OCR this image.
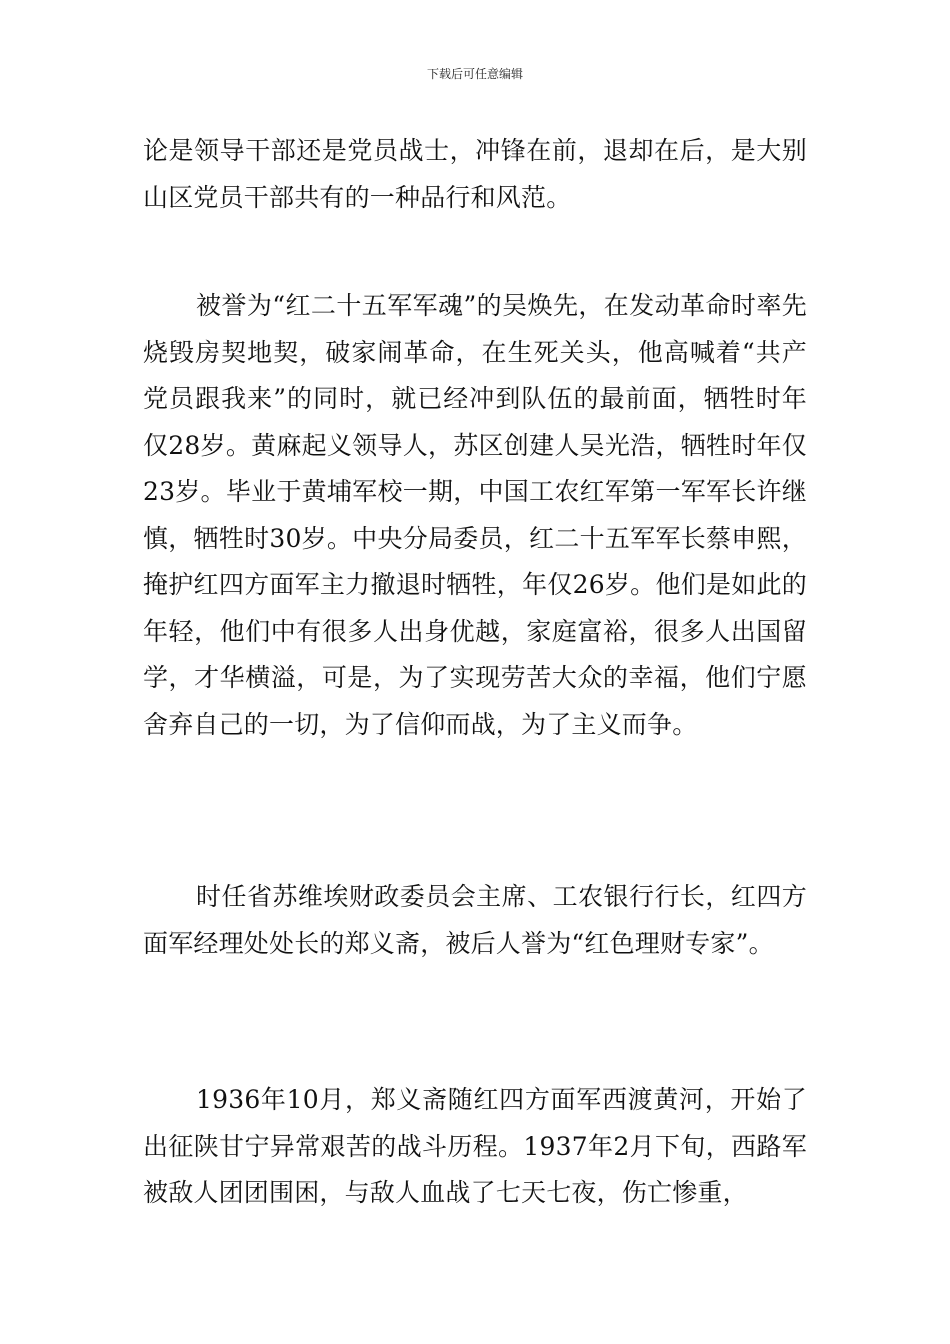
下载后可任意编辑

论是领导干部还是党员战士，冲锋在前，退却在后，是大别山区党员干部共有的一种品行和风范。

被誉为“红二十五军军魂”的吴焕先，在发动革命时率先烧毁房契地契，破家闹革命，在生死关头，他高喊着“共产党员跟我来”的同时，就已经冲到队伍的最前面，牺牲时年仅28岁。黄麻起义领导人，苏区创建人吴光浩，牺牲时年仅23岁。毕业于黄埔军校一期，中国工农红军第一军军长许继慎，牺牲时30岁。中央分局委员，红二十五军军长蔡申熙，掩护红四方面军主力撤退时牺牲，年仅26岁。他们是如此的年轻，他们中有很多人出身优越，家庭富裕，很多人出国留学，才华横溢，可是，为了实现劳苦大众的幸福，他们宁愿舍弃自己的一切，为了信仰而战，为了主义而争。

时任省苏维埃财政委员会主席、工农银行行长，红四方面军经理处处长的郑义斋，被后人誉为“红色理财专家”。

1936年10月，郑义斋随红四方面军西渡黄河，开始了出征陕甘宁异常艰苦的战斗历程。1937年2月下旬，西路军被敌人团团围困，与敌人血战了七天七夜，伤亡惨重，
